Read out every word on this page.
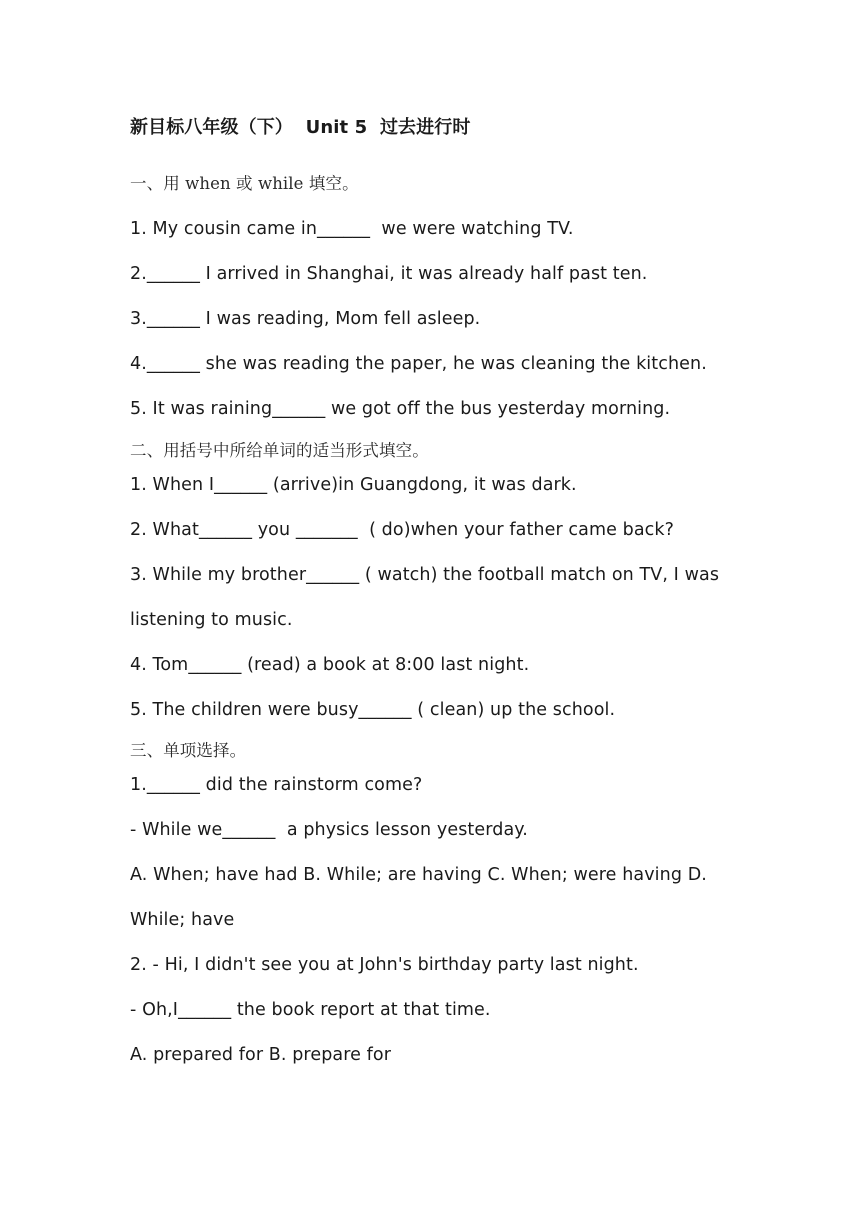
新目标八年级（下）  Unit 5  过去进行时
一、用 when 或 while 填空。
1. My cousin came in______  we were watching TV.
2.______ I arrived in Shanghai, it was already half past ten.
3.______ I was reading, Mom fell asleep.
4.______ she was reading the paper, he was cleaning the kitchen.
5. It was raining______ we got off the bus yesterday morning.
二、用括号中所给单词的适当形式填空。
1. When I______ (arrive)in Guangdong, it was dark.
2. What______ you _______  ( do)when your father came back?
3. While my brother______ ( watch) the football match on TV, I was
listening to music.
4. Tom______ (read) a book at 8:00 last night.
5. The children were busy______ ( clean) up the school.
三、单项选择。
1.______ did the rainstorm come?
- While we______  a physics lesson yesterday.
A. When; have had B. While; are having C. When; were having D.
While; have
2. - Hi, I didn't see you at John's birthday party last night.
- Oh,I______ the book report at that time.
A. prepared for B. prepare for
